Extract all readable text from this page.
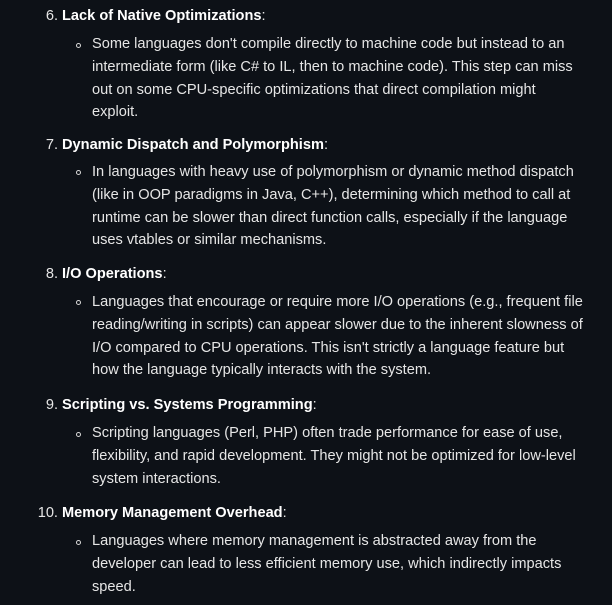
6. Lack of Native Optimizations:
Some languages don't compile directly to machine code but instead to an
intermediate form (like C# to IL, then to machine code). This step can miss
out on some CPU-specific optimizations that direct compilation might
exploit.
7. Dynamic Dispatch and Polymorphism:
In languages with heavy use of polymorphism or dynamic method dispatch
(like in OOP paradigms in Java, C++), determining which method to call at
runtime can be slower than direct function calls, especially if the language
uses vtables or similar mechanisms.
8. I/O Operations:
Languages that encourage or require more I/O operations (e.g., frequent file
reading/writing in scripts) can appear slower due to the inherent slowness of
I/O compared to CPU operations. This isn't strictly a language feature but
how the language typically interacts with the system.
9. Scripting vs. Systems Programming:
Scripting languages (Perl, PHP) often trade performance for ease of use,
flexibility, and rapid development. They might not be optimized for low-level
system interactions.
10. Memory Management Overhead:
Languages where memory management is abstracted away from the
developer can lead to less efficient memory use, which indirectly impacts
speed.
